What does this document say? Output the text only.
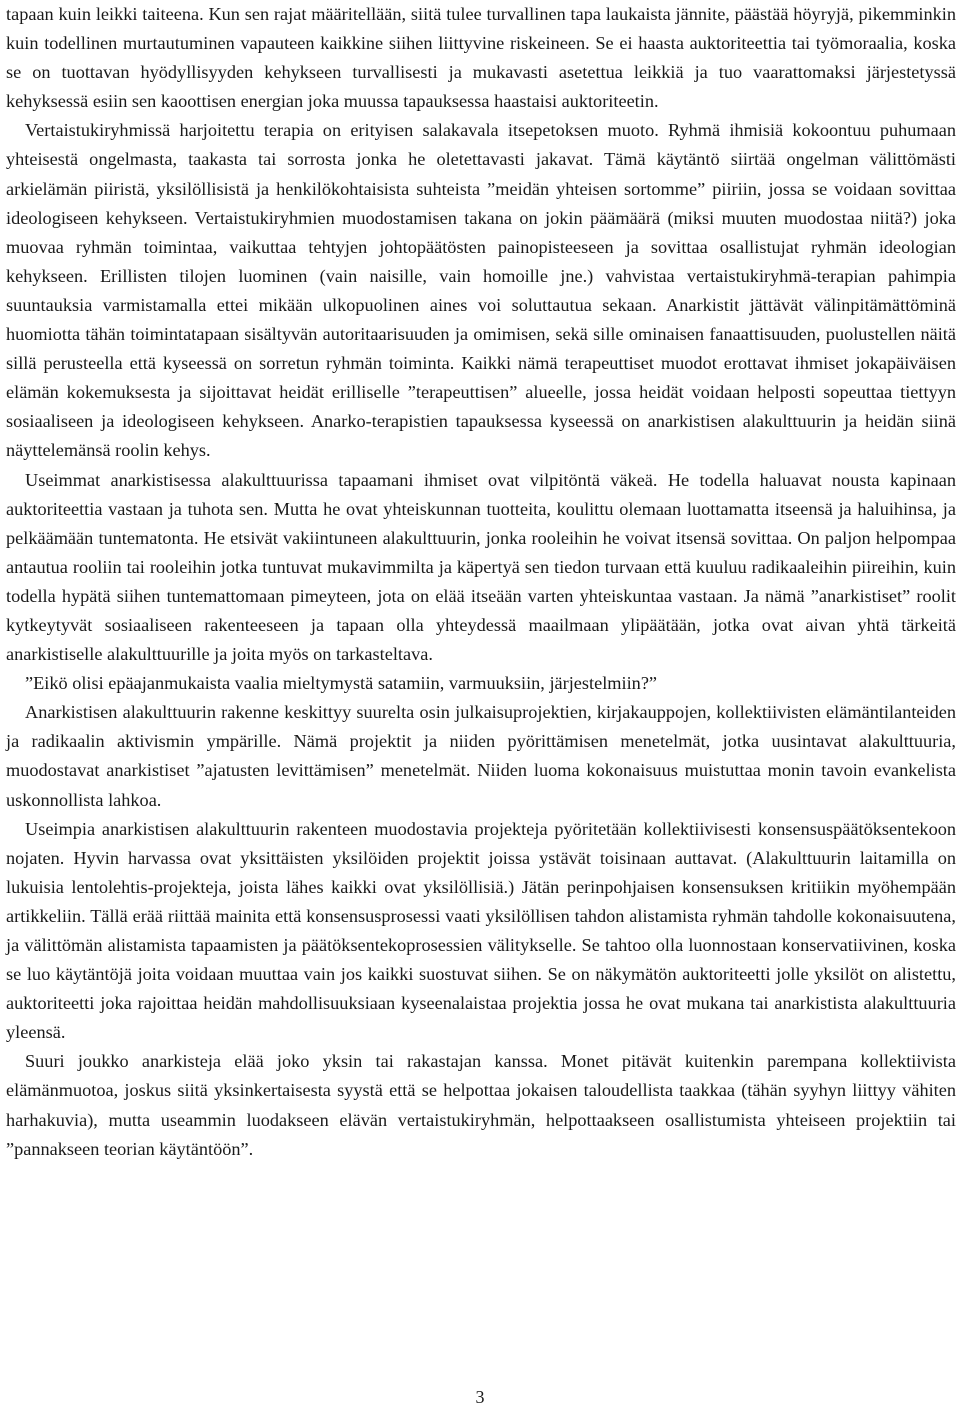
tapaan kuin leikki taiteena. Kun sen rajat määritellään, siitä tulee turvallinen tapa laukaista jännite, päästää höyryjä, pikemminkin kuin todellinen murtautuminen vapauteen kaikkine siihen liittyvine riskeineen. Se ei haasta auktoriteettia tai työmoraalia, koska se on tuottavan hyödyllisyyden kehykseen turvallisesti ja mukavasti asetettua leikkiä ja tuo vaarattomaksi järjestetyssä kehyksessä esiin sen kaoottisen energian joka muussa tapauksessa haastaisi auktoriteetin.

Vertaistukiryhmissä harjoitettu terapia on erityisen salakavala itsepetoksen muoto. Ryhmä ihmisiä kokoontuu puhumaan yhteisestä ongelmasta, taakasta tai sorrosta jonka he oletettavasti jakavat. Tämä käytäntö siirtää ongelman välittömästi arkielämän piiristä, yksilöllisistä ja henkilökohtaisista suhteista ”meidän yhteisen sortomme” piiriin, jossa se voidaan sovittaa ideologiseen kehykseen. Vertaistukiryhmien muodostamisen takana on jokin päämäärä (miksi muuten muodostaa niitä?) joka muovaa ryhmän toimintaa, vaikuttaa tehtyjen johtopäätösten painopisteeseen ja sovittaa osallistujat ryhmän ideologian kehykseen. Erillisten tilojen luominen (vain naisille, vain homoille jne.) vahvistaa vertaistukiryhmä-terapian pahimpia suuntauksia varmistamalla ettei mikään ulkopuolinen aines voi soluttautua sekaan. Anarkistit jättävät välinpitämättöminä huomiotta tähän toimintatapaan sisältyvän autoritaarisuuden ja omimisen, sekä sille ominaisen fanaattisuuden, puolustellen näitä sillä perusteella että kyseessä on sorretun ryhmän toiminta. Kaikki nämä terapeuttiset muodot erottavat ihmiset jokapäiväisen elämän kokemuksesta ja sijoittavat heidät erilliselle ”terapeuttisen” alueelle, jossa heidät voidaan helposti sopeuttaa tiettyyn sosiaaliseen ja ideologiseen kehykseen. Anarko-terapistien tapauksessa kyseessä on anarkistisen alakulttuurin ja heidän siinä näyttelemänsä roolin kehys.

Useimmat anarkistisessa alakulttuurissa tapaamani ihmiset ovat vilpitöntä väkeä. He todella haluavat nousta kapinaan auktoriteettia vastaan ja tuhota sen. Mutta he ovat yhteiskunnan tuotteita, koulittu olemaan luottamatta itseensä ja haluihinsa, ja pelkäämään tuntematonta. He etsivät vakiintuneen alakulttuurin, jonka rooleihin he voivat itsensä sovittaa. On paljon helpompaa antautua rooliin tai rooleihin jotka tuntuvat mukavimmilta ja käpertyä sen tiedon turvaan että kuuluu radikaaleihin piireihin, kuin todella hypätä siihen tuntemattomaan pimeyteen, jota on elää itseään varten yhteiskuntaa vastaan. Ja nämä ”anarkistiset” roolit kytkeytyvät sosiaaliseen rakenteeseen ja tapaan olla yhteydessä maailmaan ylipäätään, jotka ovat aivan yhtä tärkeitä anarkistiselle alakulttuurille ja joita myös on tarkasteltava.

”Eikö olisi epäajanmukaista vaalia mieltymystä satamiin, varmuuksiin, järjestelmiin?”

Anarkistisen alakulttuurin rakenne keskittyy suurelta osin julkaisuprojektien, kirjakauppojen, kollektiivisten elämäntilanteiden ja radikaalin aktivismin ympärille. Nämä projektit ja niiden pyörittämisen menetelmät, jotka uusintavat alakulttuuria, muodostavat anarkistiset ”ajatusten levittämisen” menetelmät. Niiden luoma kokonaisuus muistuttaa monin tavoin evankelista uskonnollista lahkoa.

Useimpia anarkistisen alakulttuurin rakenteen muodostavia projekteja pyöritetään kollektiivisesti konsensuspäätöksentekoon nojaten. Hyvin harvassa ovat yksittäisten yksilöiden projektit joissa ystävät toisinaan auttavat. (Alakulttuurin laitamilla on lukuisia lentolehtis-projekteja, joista lähes kaikki ovat yksilöllisiä.) Jätän perinpohjaisen konsensuksen kritiikin myöhempään artikkeliin. Tällä erää riittää mainita että konsensusprosessi vaati yksilöllisen tahdon alistamista ryhmän tahdolle kokonaisuutena, ja välittömän alistamista tapaamisten ja päätöksentekoprosessien välitykselle. Se tahtoo olla luonnostaan konservatiivinen, koska se luo käytäntöjä joita voidaan muuttaa vain jos kaikki suostuvat siihen. Se on näkymätön auktoriteetti jolle yksilöt on alistettu, auktoriteetti joka rajoittaa heidän mahdollisuuksiaan kyseenalaistaa projektia jossa he ovat mukana tai anarkistista alakulttuuria yleensä.

Suuri joukko anarkisteja elää joko yksin tai rakastajan kanssa. Monet pitävät kuitenkin parempana kollektiivista elämänmuotoa, joskus siitä yksinkertaisesta syystä että se helpottaa jokaisen taloudellista taakkaa (tähän syyhyn liittyy vähiten harhakuvia), mutta useammin luodakseen elävän vertaistukiryhmän, helpottaakseen osallistumista yhteiseen projektiin tai ”pannakseen teorian käytäntöön”.

3
